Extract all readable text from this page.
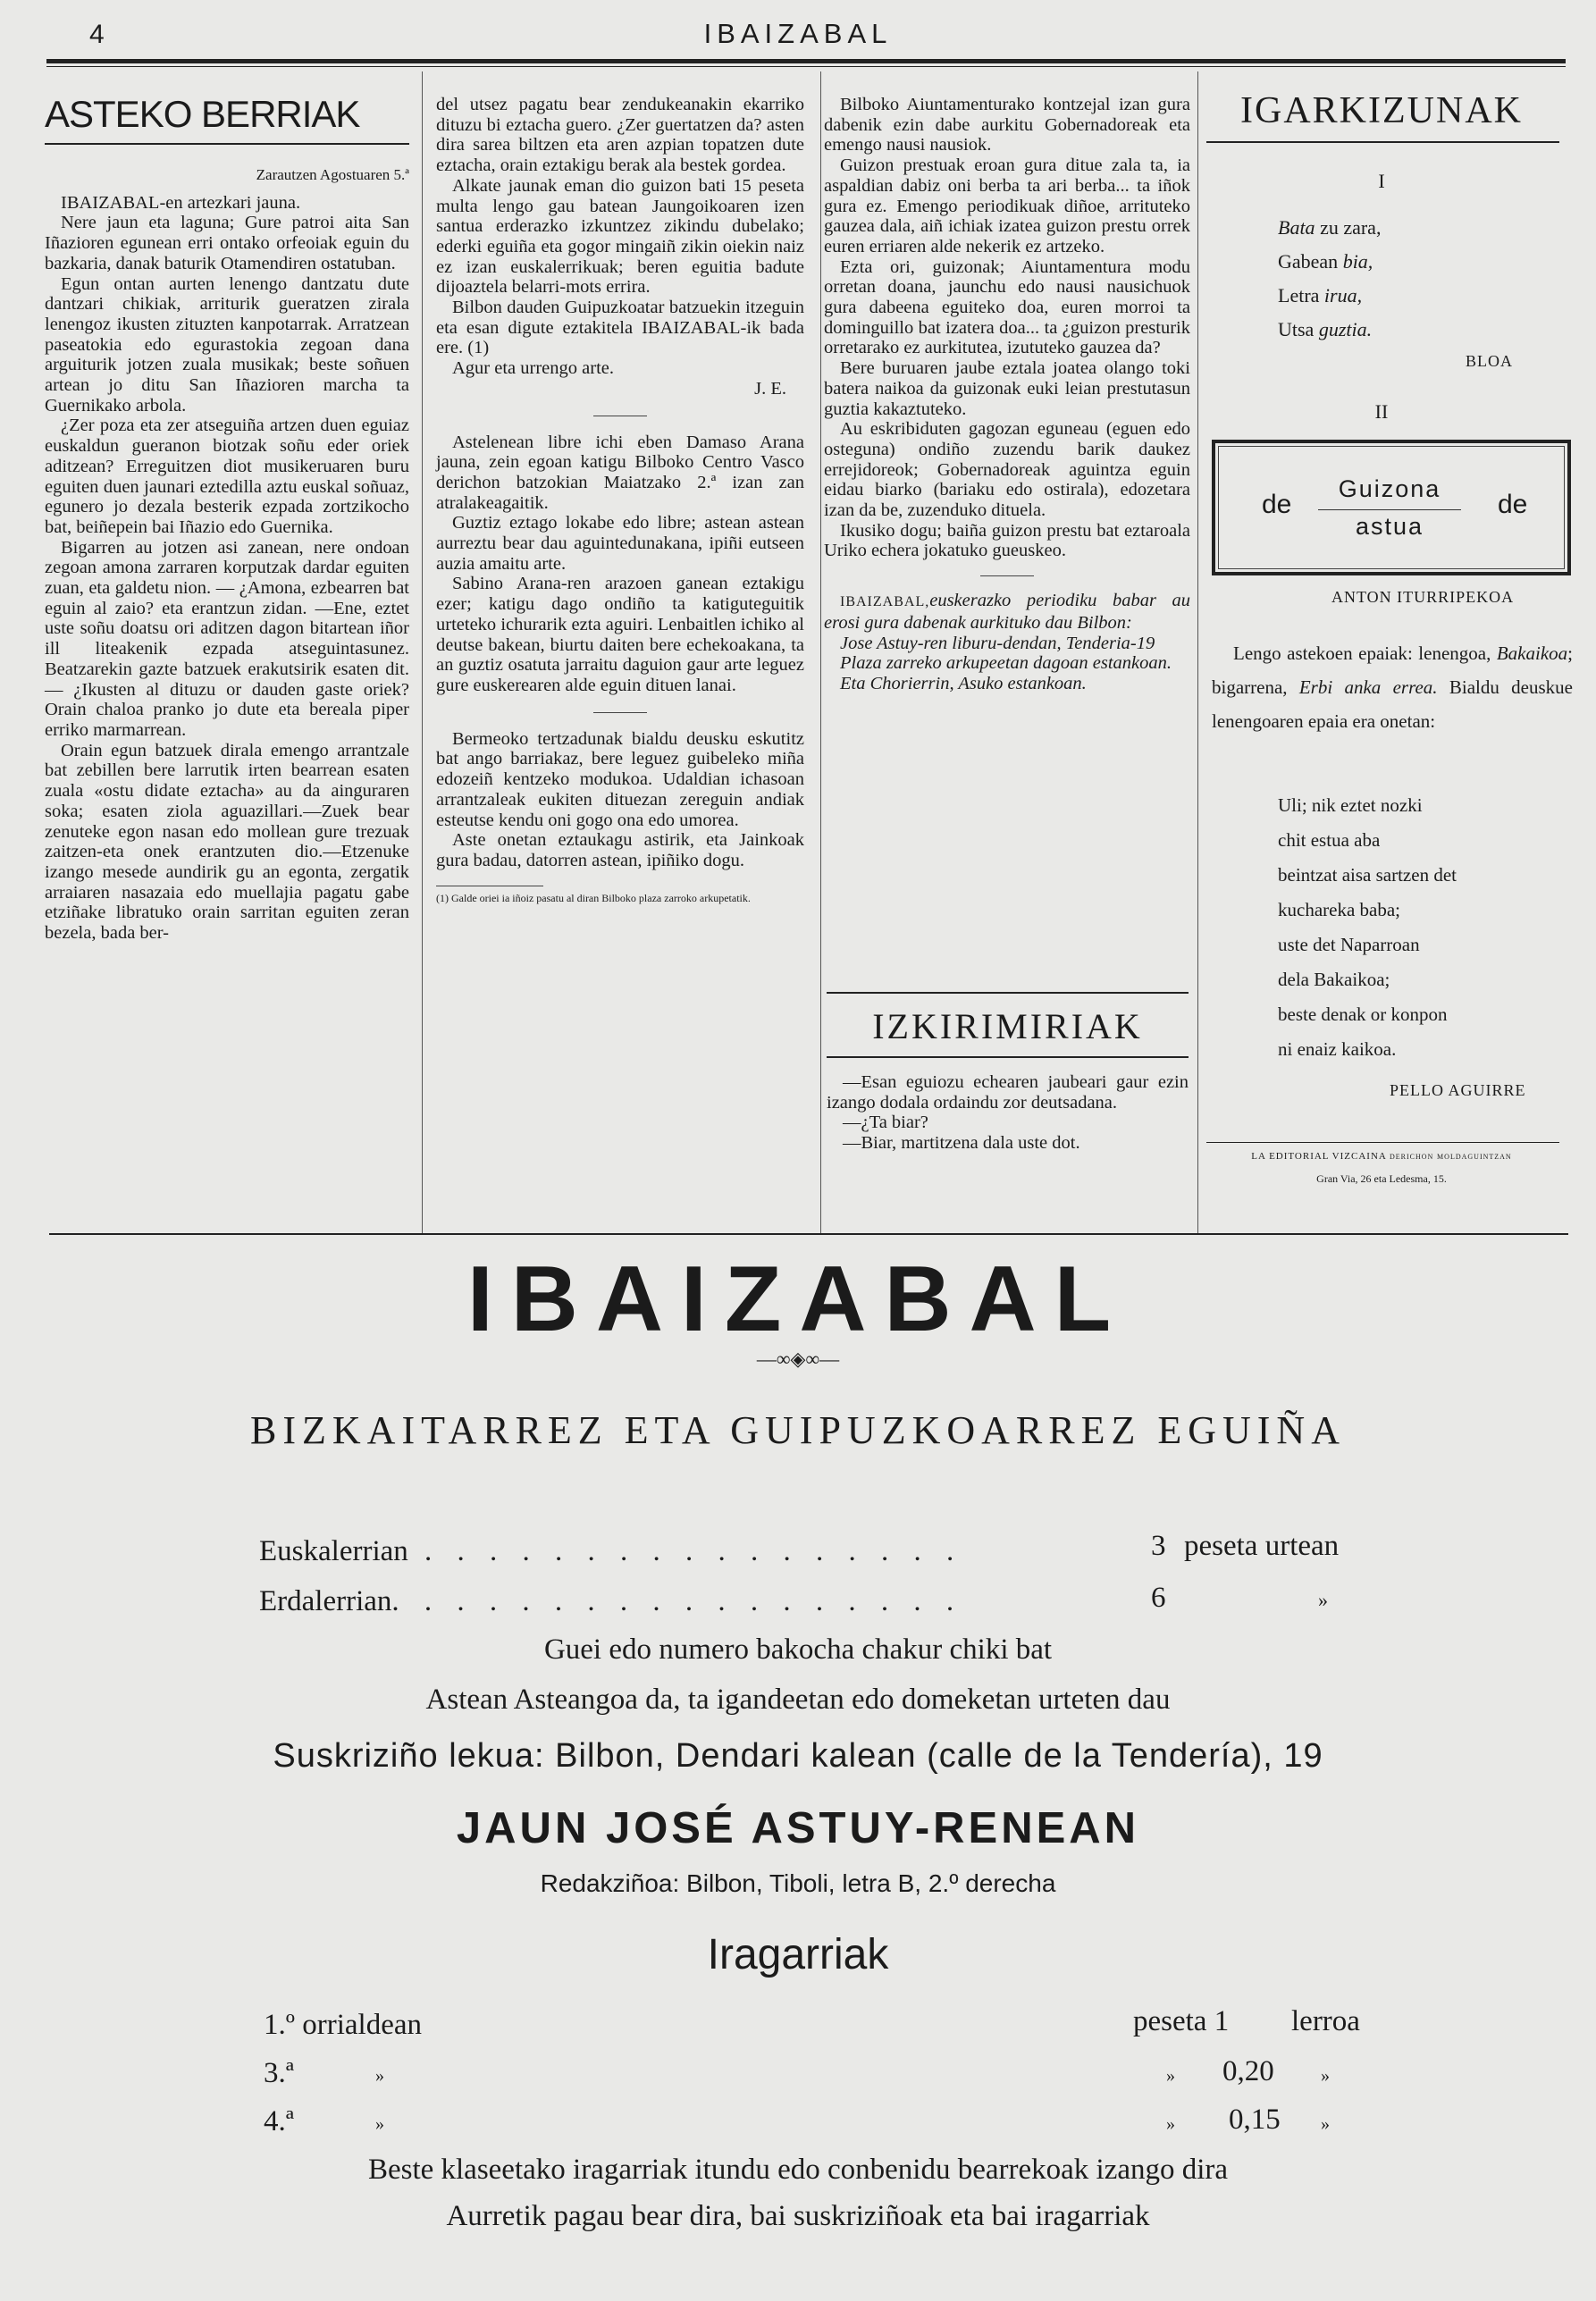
4	IBAIZABAL
ASTEKO BERRIAK

Zarautzen Agostuaren 5.ª

IBAIZABAL-en artezkari jauna.

Nere jaun eta laguna; Gure patroi aita San Iñazioren egunean erri ontako orfeoiak eguin du bazkaria, danak baturik Otamendiren ostatuban.

Egun ontan aurten lenengo dantzatu dute dantzari chikiak, arriturik gueratzen zirala lenengoz ikusten zituzten kanpotarrak. Arratzean paseatokia edo egurastokia zegoan dana arguiturik jotzen zuala musikak; beste soñuen artean jo ditu San Iñazioren marcha ta Guernikako arbola.

¿Zer poza eta zer atseguiña artzen duen eguiaz euskaldun gueranon biotzak soñu eder oriek aditzean? Erreguitzen diot musikeruaren buru eguiten duen jaunari eztedilla aztu euskal soñuaz, egunero jo dezala besterik ezpada zortzikocho bat, beiñepein bai Iñazio edo Guernika.

Bigarren au jotzen asi zanean, nere ondoan zegoan amona zarraren korputzak dardar eguiten zuan, eta galdetu nion. — ¿Amona, ezbearren bat eguin al zaio? eta erantzun zidan. —Ene, eztet uste soñu doatsu ori aditzen dagon bitartean iñor ill liteakenik ezpada atseguintasunez. Beatzarekin gazte batzuek erakutsirik esaten dit. — ¿Ikusten al dituzu or dauden gaste oriek? Orain chaloa pranko jo dute eta bereala piper erriko marmarrean.

Orain egun batzuek dirala emengo arrantzale bat zebillen bere larrutik irten bearrean esaten zuala «ostu didate eztacha» au da ainguraren soka; esaten ziola aguazillari.—Zuek bear zenuteke egon nasan edo mollean gure trezuak zaitzen-eta onek erantzuten dio.—Etzenuke izango mesede aundirik gu an egonta, zergatik arraiaren nasazaia edo muellajia pagatu gabe etziñake libratuko orain sarritan eguiten zeran bezela, bada ber-

del utsez pagatu bear zendukeanakin ekarriko dituzu bi eztacha guero. ¿Zer guertatzen da? asten dira sarea biltzen eta aren azpian topatzen dute eztacha, orain eztakigu berak ala bestek gordea.

Alkate jaunak eman dio guizon bati 15 peseta multa lengo gau batean Jaungoikoaren izen santua erderazko izkuntzez zikindu dubelako; ederki eguiña eta gogor mingaiñ zikin oiekin naiz ez izan euskalerrikuak; beren eguitia badute dijoaztela belarri-mots errira.

Bilbon dauden Guipuzkoatar batzuekin itzeguin eta esan digute eztakitela IBAIZABAL-ik bada ere. (1)

Agur eta urrengo arte.

J. E.

Astelenean libre ichi eben Damaso Arana jauna, zein egoan katigu Bilboko Centro Vasco derichon batzokian Maiatzako 2.ª izan zan atralakeagaitik.

Guztiz eztago lokabe edo libre; astean astean aurreztu bear dau aguintedunakana, ipiñi eutseen auzia amaitu arte.

Sabino Arana-ren arazoen ganean eztakigu ezer; katigu dago ondiño ta katiguteguitik urteteko ichurarik ezta aguiri. Lenbaitlen ichiko al deutse bakean, biurtu daiten bere echekoakana, ta an guztiz osatuta jarraitu daguion gaur arte leguez gure euskerearen alde eguin dituen lanai.

Bermeoko tertzadunak bialdu deusku eskutitz bat ango barriakaz, bere leguez guibeleko miña edozeiñ kentzeko modukoa. Udaldian ichasoan arrantzaleak eukiten dituezan zereguin andiak esteutse kendu oni gogo ona edo umorea.

Aste onetan eztaukagu astirik, eta Jainkoak gura badau, datorren astean, ipiñiko dogu.

(1) Galde oriei ia iñoiz pasatu al diran Bilboko plaza zarroko arkupetatik.

Bilboko Aiuntamenturako kontzejal izan gura dabenik ezin dabe aurkitu Gobernadoreak eta emengo nausi nausiok.

Guizon prestuak eroan gura ditue zala ta, ia aspaldian dabiz oni berba ta ari berba... ta iñok gura ez. Emengo periodikuak diñoe, arrituteko gauzea dala, aiñ ichiak izatea guizon prestu orrek euren erriaren alde nekerik ez artzeko.

Ezta ori, guizonak; Aiuntamentura modu orretan doana, jaunchu edo nausi nausichuok gura dabeena eguiteko doa, euren morroi ta dominguillo bat izatera doa... ta ¿guizon presturik orretarako ez aurkitutea, izututeko gauzea da?

Bere buruaren jaube eztala joatea olango toki batera naikoa da guizonak euki leian prestutasun guztia kakaztuteko.

Au eskribiduten gagozan eguneau (eguen edo osteguna) ondiño zuzendu barik daukez errejidoreok; Gobernadoreak aguintza eguin eidau biarko (bariaku edo ostirala), edozetara izan da be, zuzenduko dituela.

Ikusiko dogu; baiña guizon prestu bat eztaroala Uriko echera jokatuko gueuskeo.

IBAIZABAL,euskerazko periodiku babar au erosi gura dabenak aurkituko dau Bilbon:

Jose Astuy-ren liburu-dendan, Tenderia-19

Plaza zarreko arkupeetan dagoan estankoan.

Eta Chorierrin, Asuko estankoan.

IZKIRIMIRIAK

—Esan eguiozu echearen jaubeari gaur ezin izango dodala ordaindu zor deutsadana.

—¿Ta biar?

—Biar, martitzena dala uste dot.

IGARKIZUNAK
I
Bata zu zara,
Gabean bia,
Letra irua,
Utsa guztia.
BLOA
II
de
Guizona
astua
de
ANTON ITURRIPEKOA
Lengo astekoen epaiak: lenengoa, Bakaikoa; bigarrena, Erbi anka errea. Bialdu deuskue lenengoaren epaia era onetan:
Uli; nik eztet nozki
chit estua aba
beintzat aisa sartzen det
kuchareka baba;
uste det Naparroan
dela Bakaikoa;
beste denak or konpon
ni enaiz kaikoa.
PELLO AGUIRRE
LA EDITORIAL VIZCAINA derichon moldaguintzan
Gran Via, 26 eta Ledesma, 15.
IBAIZABAL
—∞◈∞—
BIZKAITARREZ ETA GUIPUZKOARREZ EGUIÑA
Euskalerrian . . . . . . . . . . . . . . . . .	3 peseta urtean
Erdalerrian. . . . . . . . . . . . . . . . . .	6	»
Guei edo numero bakocha chakur chiki bat
Astean Asteangoa da, ta igandeetan edo domeketan urteten dau
Suskriziño lekua: Bilbon, Dendari kalean (calle de la Tendería), 19
JAUN JOSÉ ASTUY-RENEAN
Redakziñoa: Bilbon, Tiboli, letra B, 2.º derecha
Iragarriak
1.º orrialdean	peseta 1 lerroa
3.ª	»	» 0,20	»
4.ª	»	» 0,15 »
Beste klaseetako iragarriak itundu edo conbenidu bearrekoak izango dira
Aurretik pagau bear dira, bai suskriziñoak eta bai iragarriak
